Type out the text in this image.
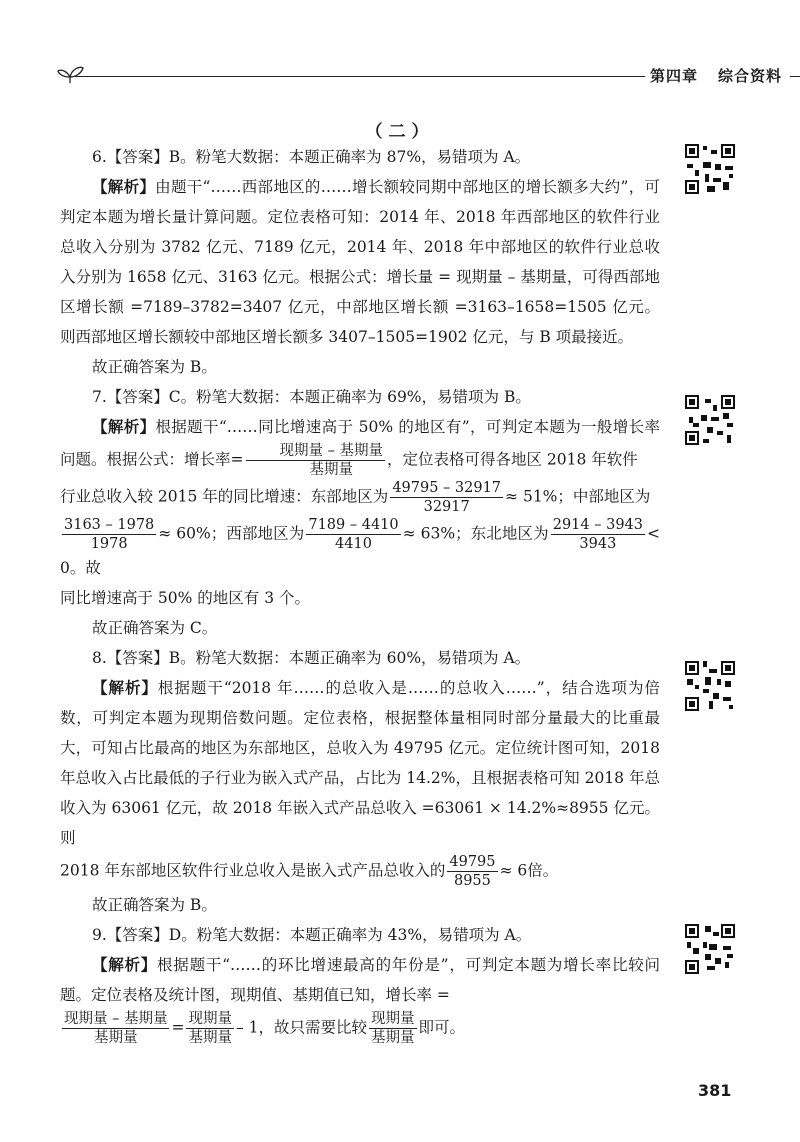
第四章 综合资料
（二）

6.【答案】B。粉笔大数据：本题正确率为 87%，易错项为 A。

【解析】由题干“……西部地区的……增长额较同期中部地区的增长额多大约”，可判定本题为增长量计算问题。定位表格可知：2014 年、2018 年西部地区的软件行业总收入分别为 3782 亿元、7189 亿元，2014 年、2018 年中部地区的软件行业总收入分别为 1658 亿元、3163 亿元。根据公式：增长量 = 现期量 – 基期量，可得西部地区增长额 =7189–3782=3407 亿元，中部地区增长额 =3163–1658=1505 亿元。则西部地区增长额较中部地区增长额多 3407–1505=1902 亿元，与 B 项最接近。

故正确答案为 B。

7.【答案】C。粉笔大数据：本题正确率为 69%，易错项为 B。

【解析】根据题干“……同比增速高于 50% 的地区有”，可判定本题为一般增长率问题。根据公式：增长率= $\frac{\text{现期量 – 基期量}}{\text{基期量}}$ ，定位表格可得各地区 2018 年软件

行业总收入较 2015 年的同比增速：东部地区为 $\frac{49795 - 32917}{32917} \approx 51\%$；中部地区为

$\frac{3163 - 1978}{1978} \approx 60\%$；西部地区为 $\frac{7189 - 4410}{4410} \approx 63\%$；东北地区为 $\frac{2914 - 3943}{3943} < 0$。故

同比增速高于 50% 的地区有 3 个。

故正确答案为 C。

8.【答案】B。粉笔大数据：本题正确率为 60%，易错项为 A。

【解析】根据题干“2018 年……的总收入是……的总收入……”，结合选项为倍数，可判定本题为现期倍数问题。定位表格，根据整体量相同时部分量最大的比重最大，可知占比最高的地区为东部地区，总收入为 49795 亿元。定位统计图可知，2018 年总收入占比最低的子行业为嵌入式产品，占比为 14.2%，且根据表格可知 2018 年总收入为 63061 亿元，故 2018 年嵌入式产品总收入 =63061 × 14.2%≈8955 亿元。则

2018 年东部地区软件行业总收入是嵌入式产品总收入的 $\frac{49795}{8955} \approx 6$倍。

故正确答案为 B。

9.【答案】D。粉笔大数据：本题正确率为 43%，易错项为 A。

【解析】根据题干“……的环比增速最高的年份是”，可判定本题为增长率比较问题。定位表格及统计图，现期值、基期值已知，增长率 =

$\frac{\text{现期量 – 基期量}}{\text{基期量}} = \frac{\text{现期量}}{\text{基期量}} - 1$，故只需要比较 $\frac{\text{现期量}}{\text{基期量}}$ 即可。

381
